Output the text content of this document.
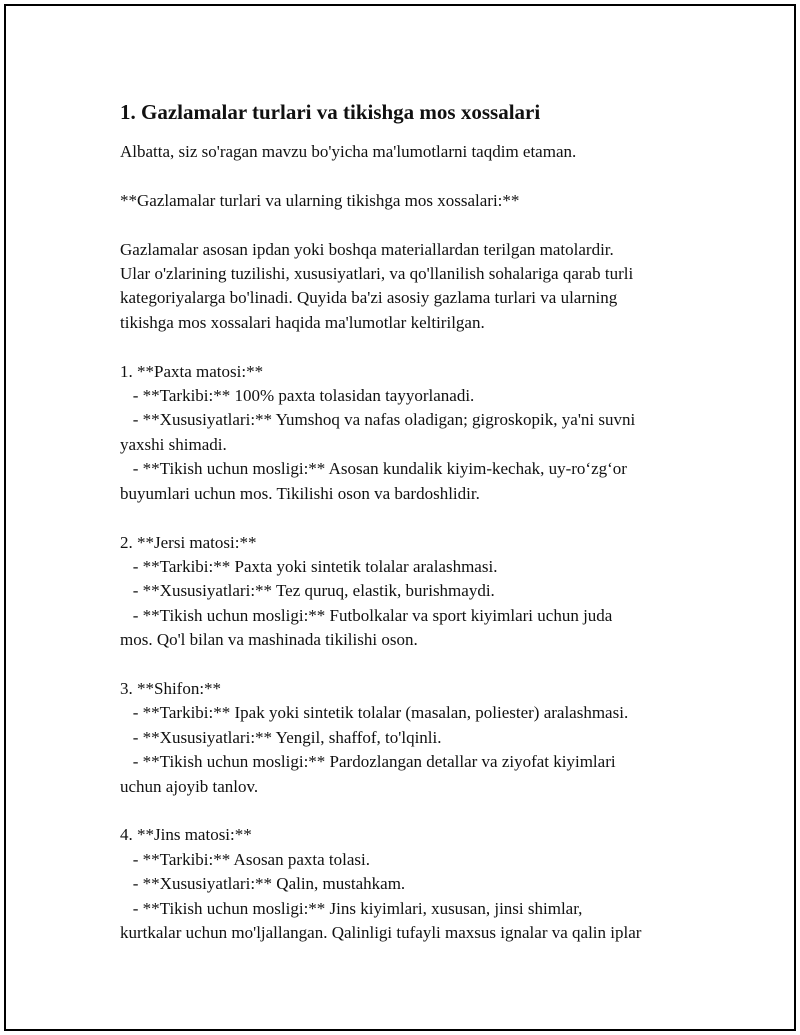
1. Gazlamalar turlari va tikishga mos xossalari

Albatta, siz so'ragan mavzu bo'yicha ma'lumotlarni taqdim etaman.

**Gazlamalar turlari va ularning tikishga mos xossalari:**

Gazlamalar asosan ipdan yoki boshqa materiallardan terilgan matolardir.
Ular o'zlarining tuzilishi, xususiyatlari, va qo'llanilish sohalariga qarab turli
kategoriyalarga bo'linadi. Quyida ba'zi asosiy gazlama turlari va ularning
tikishga mos xossalari haqida ma'lumotlar keltirilgan.

1. **Paxta matosi:**
- **Tarkibi:** 100% paxta tolasidan tayyorlanadi.
- **Xususiyatlari:** Yumshoq va nafas oladigan; gigroskopik, ya'ni suvni
yaxshi shimadi.
- **Tikish uchun mosligi:** Asosan kundalik kiyim-kechak, uy-ro‘zg‘or
buyumlari uchun mos. Tikilishi oson va bardoshlidir.

2. **Jersi matosi:**
- **Tarkibi:** Paxta yoki sintetik tolalar aralashmasi.
- **Xususiyatlari:** Tez quruq, elastik, burishmaydi.
- **Tikish uchun mosligi:** Futbolkalar va sport kiyimlari uchun juda
mos. Qo'l bilan va mashinada tikilishi oson.

3. **Shifon:**
- **Tarkibi:** Ipak yoki sintetik tolalar (masalan, poliester) aralashmasi.
- **Xususiyatlari:** Yengil, shaffof, to'lqinli.
- **Tikish uchun mosligi:** Pardozlangan detallar va ziyofat kiyimlari
uchun ajoyib tanlov.

4. **Jins matosi:**
- **Tarkibi:** Asosan paxta tolasi.
- **Xususiyatlari:** Qalin, mustahkam.
- **Tikish uchun mosligi:** Jins kiyimlari, xususan, jinsi shimlar,
kurtkalar uchun mo'ljallangan. Qalinligi tufayli maxsus ignalar va qalin iplar
